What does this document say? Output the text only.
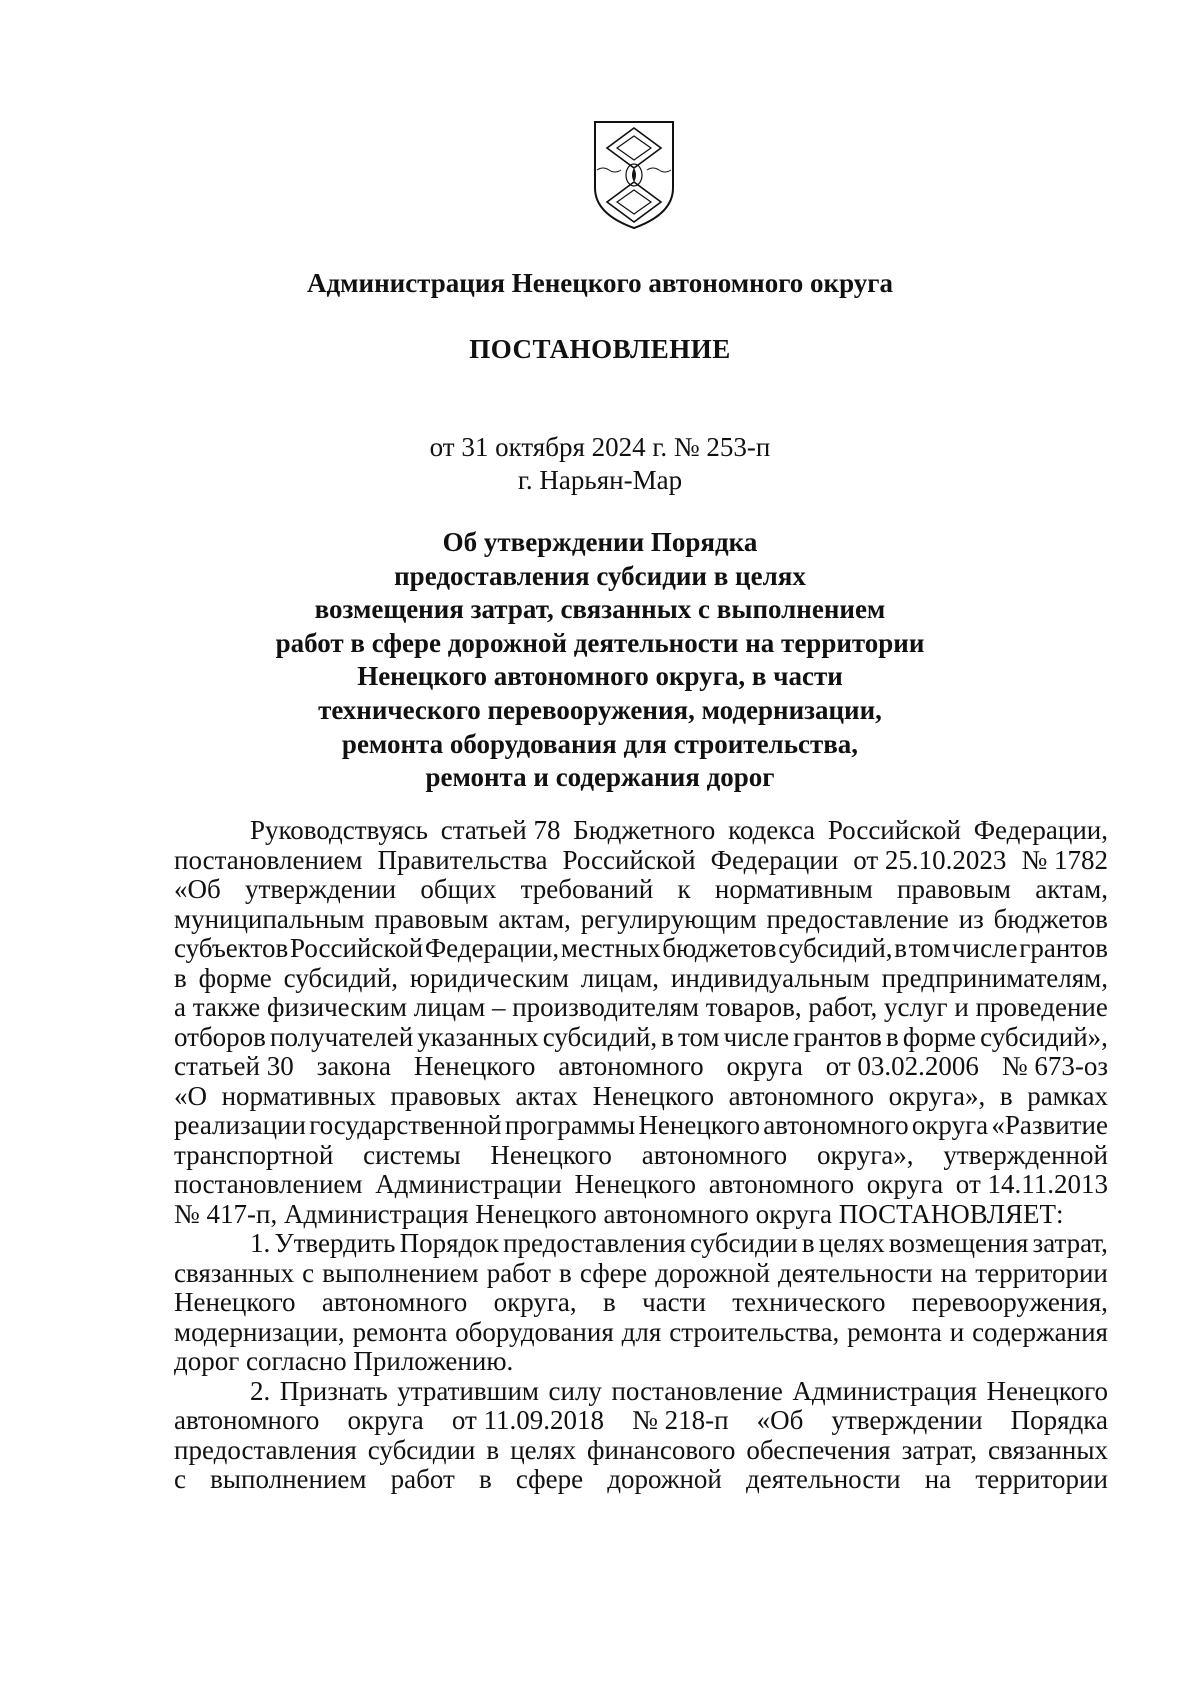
Администрация Ненецкого автономного округа
ПОСТАНОВЛЕНИЕ
от 31 октября 2024 г. № 253-п
г. Нарьян-Мар
Об утверждении Порядка
предоставления субсидии в целях
возмещения затрат, связанных с выполнением
работ в сфере дорожной деятельности на территории
Ненецкого автономного округа, в части
технического перевооружения, модернизации,
ремонта оборудования для строительства,
ремонта и содержания дорог
Руководствуясь статьей 78 Бюджетного кодекса Российской Федерации,
постановлением Правительства Российской Федерации от 25.10.2023 № 1782
«Об утверждении общих требований к нормативным правовым актам,
муниципальным правовым актам, регулирующим предоставление из бюджетов
субъектов Российской Федерации, местных бюджетов субсидий, в том числе грантов
в форме субсидий, юридическим лицам, индивидуальным предпринимателям,
а также физическим лицам – производителям товаров, работ, услуг и проведение
отборов получателей указанных субсидий, в том числе грантов в форме субсидий»,
статьей 30 закона Ненецкого автономного округа от 03.02.2006 № 673-оз
«О нормативных правовых актах Ненецкого автономного округа», в рамках
реализации государственной программы Ненецкого автономного округа «Развитие
транспортной системы Ненецкого автономного округа», утвержденной
постановлением Администрации Ненецкого автономного округа от 14.11.2013
№ 417-п, Администрация Ненецкого автономного округа ПОСТАНОВЛЯЕТ:
1. Утвердить Порядок предоставления субсидии в целях возмещения затрат,
связанных с выполнением работ в сфере дорожной деятельности на территории
Ненецкого автономного округа, в части технического перевооружения,
модернизации, ремонта оборудования для строительства, ремонта и содержания
дорог согласно Приложению.
2. Признать утратившим силу постановление Администрация Ненецкого
автономного округа от 11.09.2018 № 218-п «Об утверждении Порядка
предоставления субсидии в целях финансового обеспечения затрат, связанных
с выполнением работ в сфере дорожной деятельности на территории
